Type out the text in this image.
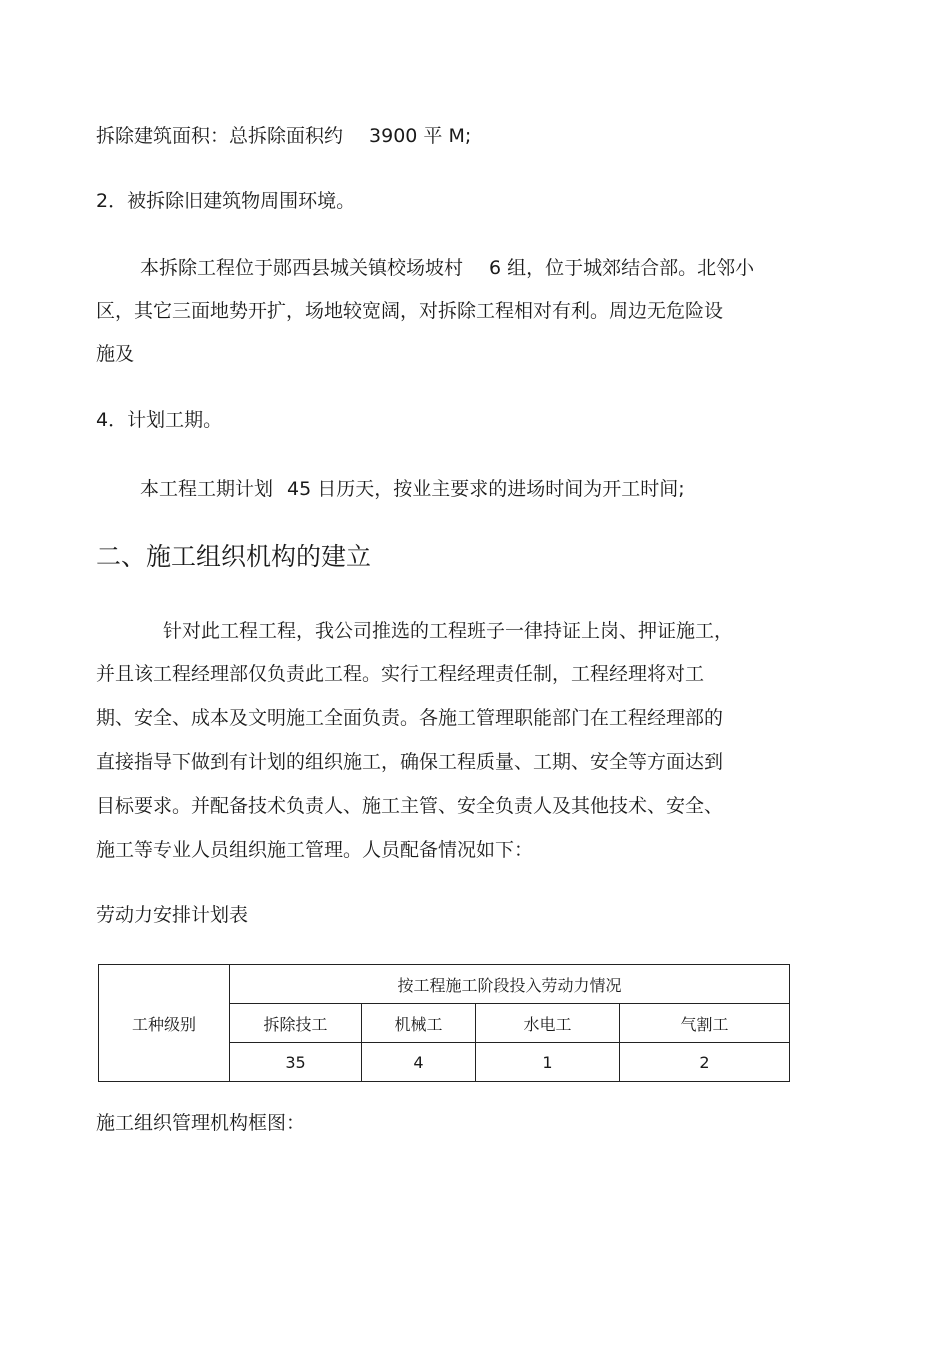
拆除建筑面积：总拆除面积约 3900 平 M;
2．被拆除旧建筑物周围环境。
本拆除工程位于郧西县城关镇校场坡村 6 组，位于城郊结合部。北邻小
区，其它三面地势开扩，场地较宽阔，对拆除工程相对有利。周边无危险设
施及
4．计划工期。
本工程工期计划 45 日历天，按业主要求的进场时间为开工时间;
二、施工组织机构的建立
针对此工程工程，我公司推选的工程班子一律持证上岗、押证施工，
并且该工程经理部仅负责此工程。实行工程经理责任制，工程经理将对工
期、安全、成本及文明施工全面负责。各施工管理职能部门在工程经理部的
直接指导下做到有计划的组织施工，确保工程质量、工期、安全等方面达到
目标要求。并配备技术负责人、施工主管、安全负责人及其他技术、安全、
施工等专业人员组织施工管理。人员配备情况如下：
劳动力安排计划表
工种级别	按工程施工阶段投入劳动力情况			
	拆除技工	机械工	水电工	气割工
	35	4	1	2
施工组织管理机构框图：
